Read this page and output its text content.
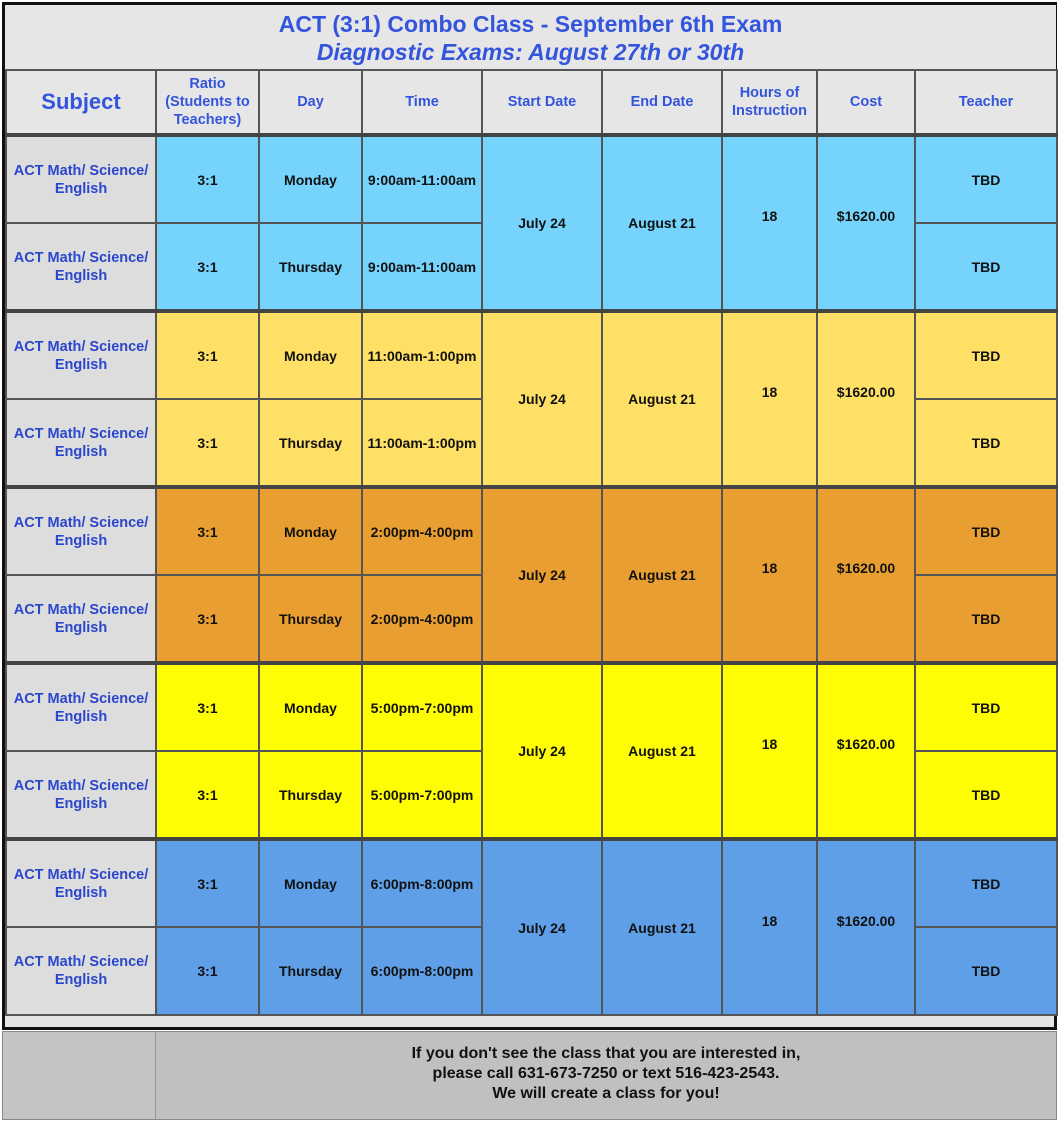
ACT (3:1) Combo Class - September 6th Exam
Diagnostic Exams: August 27th or 30th
Subject	Ratio (Students to Teachers)	Day	Time	Start Date	End Date	Hours of Instruction	Cost	Teacher
ACT Math/ Science/ English	3:1	Monday	9:00am-11:00am	July 24	August 21	18	$1620.00	TBD
ACT Math/ Science/ English	3:1	Thursday	9:00am-11:00am					TBD
ACT Math/ Science/ English	3:1	Monday	11:00am-1:00pm	July 24	August 21	18	$1620.00	TBD
ACT Math/ Science/ English	3:1	Thursday	11:00am-1:00pm					TBD
ACT Math/ Science/ English	3:1	Monday	2:00pm-4:00pm	July 24	August 21	18	$1620.00	TBD
ACT Math/ Science/ English	3:1	Thursday	2:00pm-4:00pm					TBD
ACT Math/ Science/ English	3:1	Monday	5:00pm-7:00pm	July 24	August 21	18	$1620.00	TBD
ACT Math/ Science/ English	3:1	Thursday	5:00pm-7:00pm					TBD
ACT Math/ Science/ English	3:1	Monday	6:00pm-8:00pm	July 24	August 21	18	$1620.00	TBD
ACT Math/ Science/ English	3:1	Thursday	6:00pm-8:00pm					TBD
If you don't see the class that you are interested in,
please call 631-673-7250 or text 516-423-2543.
We will create a class for you!
